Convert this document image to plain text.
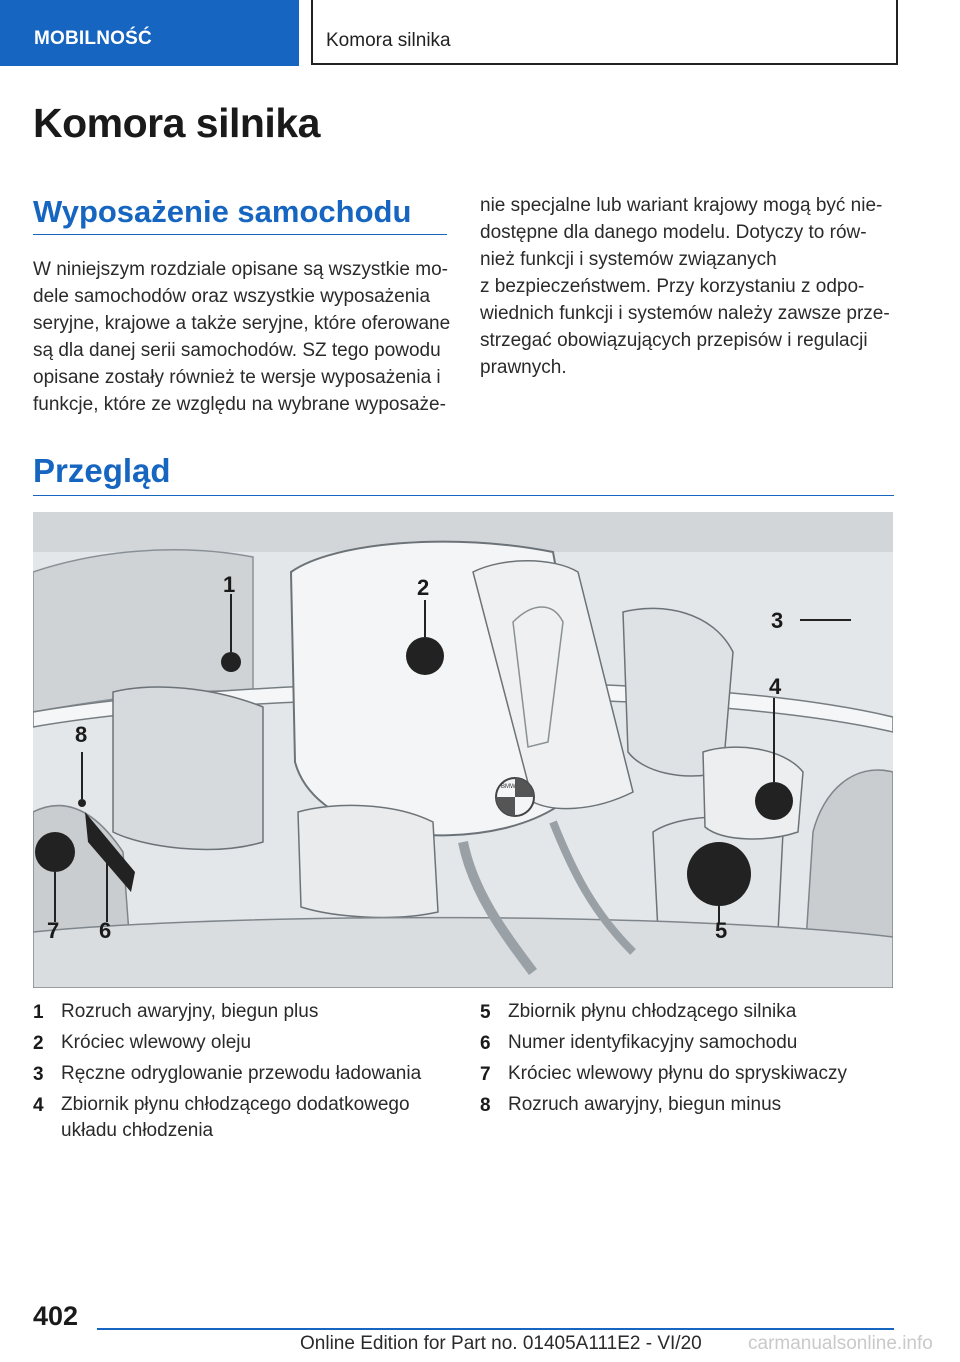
MOBILNOŚĆ	Komora silnika
Komora silnika
Wyposażenie samochodu
W niniejszym rozdziale opisane są wszystkie mo‐
dele samochodów oraz wszystkie wyposażenia
seryjne, krajowe a także seryjne, które oferowane
są dla danej serii samochodów. SZ tego powodu
opisane zostały również te wersje wyposażenia i
funkcje, które ze względu na wybrane wyposaże‐
nie specjalne lub wariant krajowy mogą być nie‐
dostępne dla danego modelu. Dotyczy to rów‐
nież funkcji i systemów związanych
z bezpieczeństwem. Przy korzystaniu z odpo‐
wiednich funkcji i systemów należy zawsze prze‐
strzegać obowiązujących przepisów i regulacji
prawnych.
Przegląd
BMW
1	2
3
4
5
6
7
8
1 Rozruch awaryjny, biegun plus
2 Króciec wlewowy oleju
3 Ręczne odryglowanie przewodu ładowania
4 Zbiornik płynu chłodzącego dodatkowego układu chłodzenia
5 Zbiornik płynu chłodzącego silnika
6 Numer identyfikacyjny samochodu
7 Króciec wlewowy płynu do spryskiwaczy
8 Rozruch awaryjny, biegun minus
402
Online Edition for Part no. 01405A111E2 - VI/20 carmanualsonline.info
